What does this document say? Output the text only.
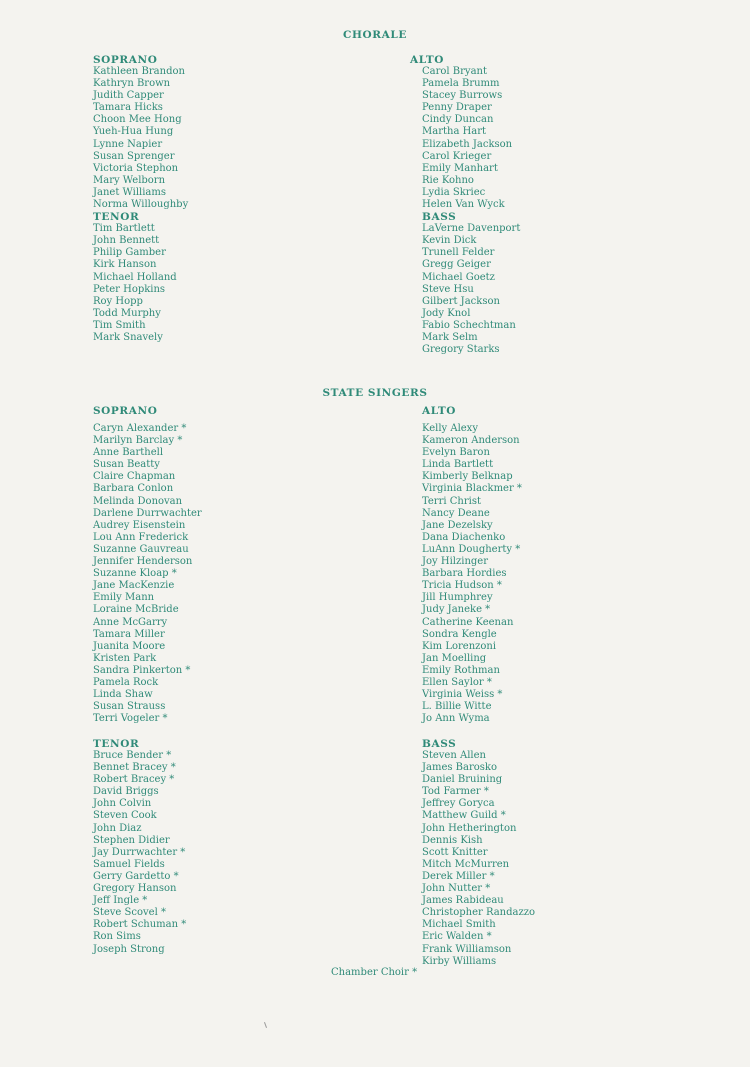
CHORALE
SOPRANO
Kathleen Brandon
Kathryn Brown
Judith Capper
Tamara Hicks
Choon Mee Hong
Yueh-Hua Hung
Lynne Napier
Susan Sprenger
Victoria Stephon
Mary Welborn
Janet Williams
Norma Willoughby
TENOR
Tim Bartlett
John Bennett
Philip Gamber
Kirk Hanson
Michael Holland
Peter Hopkins
Roy Hopp
Todd Murphy
Tim Smith
Mark Snavely
ALTO
Carol Bryant
Pamela Brumm
Stacey Burrows
Penny Draper
Cindy Duncan
Martha Hart
Elizabeth Jackson
Carol Krieger
Emily Manhart
Rie Kohno
Lydia Skriec
Helen Van Wyck
BASS
LaVerne Davenport
Kevin Dick
Trunell Felder
Gregg Geiger
Michael Goetz
Steve Hsu
Gilbert Jackson
Jody Knol
Fabio Schechtman
Mark Selm
Gregory Starks
STATE SINGERS
SOPRANO
Caryn Alexander *
Marilyn Barclay *
Anne Barthell
Susan Beatty
Claire Chapman
Barbara Conlon
Melinda Donovan
Darlene Durrwachter
Audrey Eisenstein
Lou Ann Frederick
Suzanne Gauvreau
Jennifer Henderson
Suzanne Kloap *
Jane MacKenzie
Emily Mann
Loraine McBride
Anne McGarry
Tamara Miller
Juanita Moore
Kristen Park
Sandra Pinkerton *
Pamela Rock
Linda Shaw
Susan Strauss
Terri Vogeler *
ALTO
Kelly Alexy
Kameron Anderson
Evelyn Baron
Linda Bartlett
Kimberly Belknap
Virginia Blackmer *
Terri Christ
Nancy Deane
Jane Dezelsky
Dana Diachenko
LuAnn Dougherty *
Joy Hilzinger
Barbara Hordies
Tricia Hudson *
Jill Humphrey
Judy Janeke *
Catherine Keenan
Sondra Kengle
Kim Lorenzoni
Jan Moelling
Emily Rothman
Ellen Saylor *
Virginia Weiss *
L. Billie Witte
Jo Ann Wyma
TENOR
Bruce Bender *
Bennet Bracey *
Robert Bracey *
David Briggs
John Colvin
Steven Cook
John Diaz
Stephen Didier
Jay Durrwachter *
Samuel Fields
Gerry Gardetto *
Gregory Hanson
Jeff Ingle *
Steve Scovel *
Robert Schuman *
Ron Sims
Joseph Strong
BASS
Steven Allen
James Barosko
Daniel Bruining
Tod Farmer *
Jeffrey Goryca
Matthew Guild *
John Hetherington
Dennis Kish
Scott Knitter
Mitch McMurren
Derek Miller *
John Nutter *
James Rabideau
Christopher Randazzo
Michael Smith
Eric Walden *
Frank Williamson
Kirby Williams
Chamber Choir *
